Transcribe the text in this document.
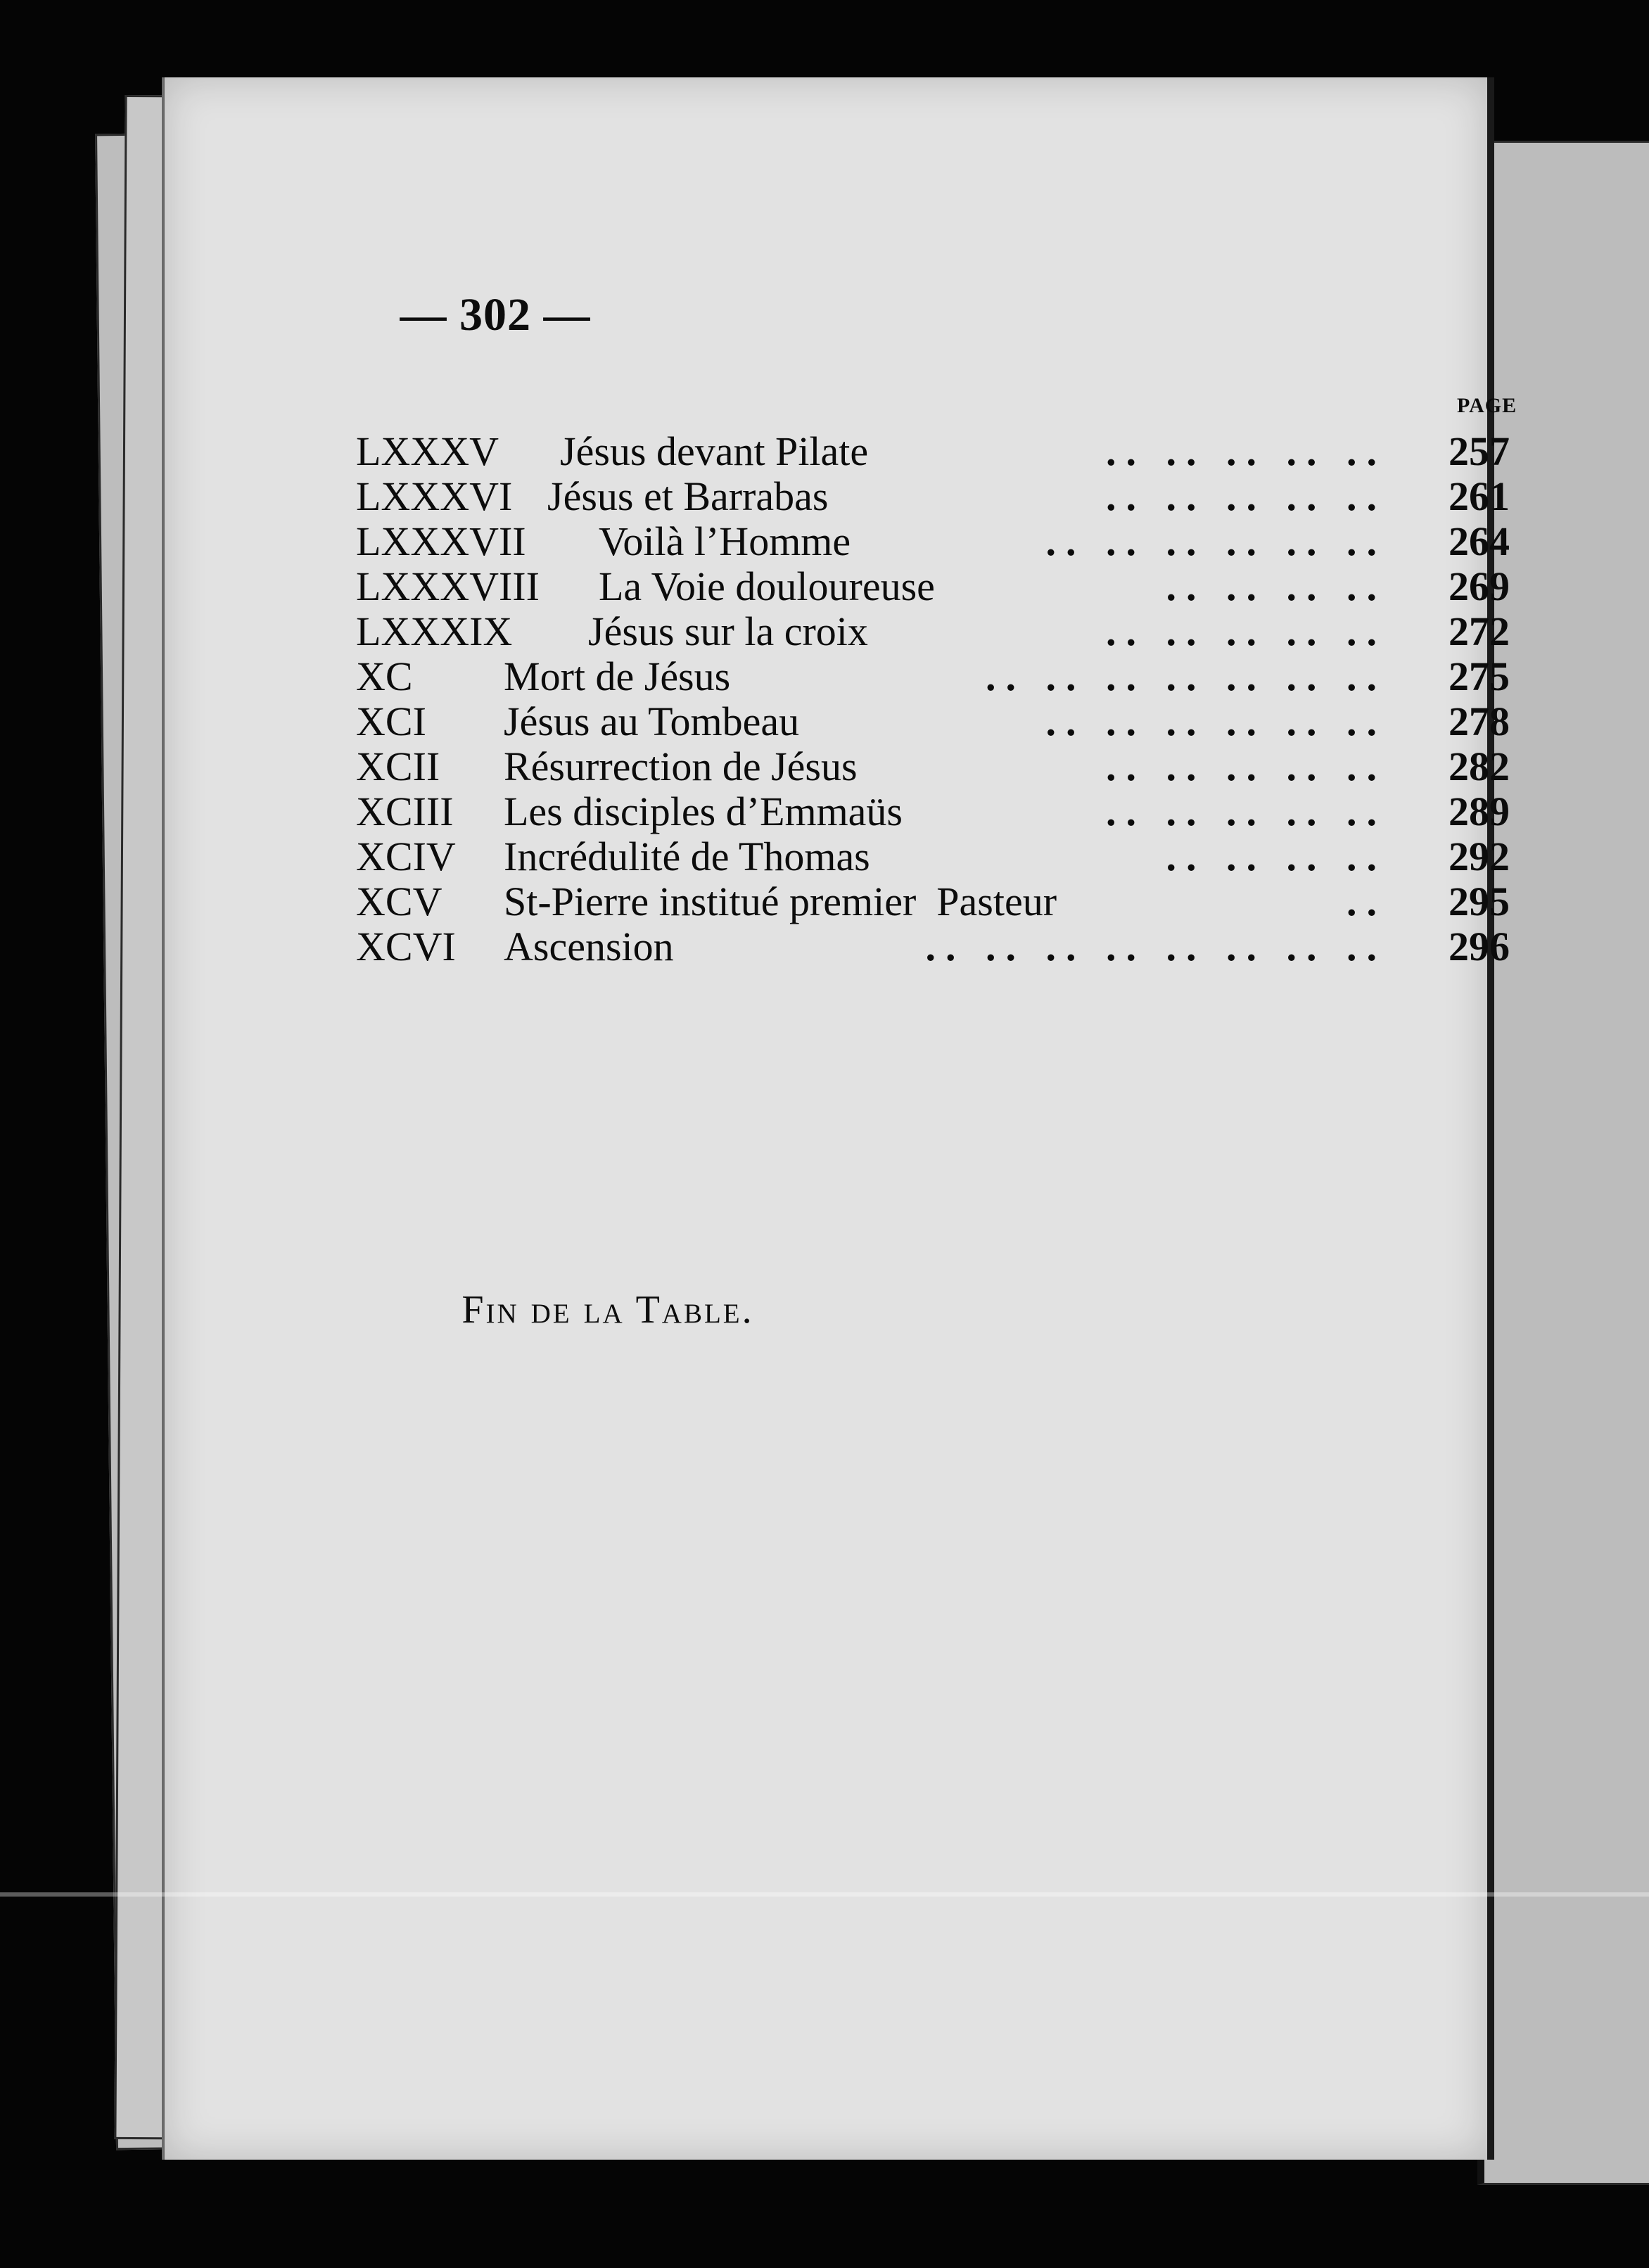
— 302 —
PAGE
LXXXV Jésus devant Pilate	.. .. .. .. ..	257
LXXXVI Jésus et Barrabas	.. .. .. .. ..	261
LXXXVII Voilà l’Homme	.. .. .. .. .. ..	264
LXXXVIII La Voie douloureuse	.. .. .. ..	269
LXXXIX Jésus sur la croix	.. .. .. .. ..	272
XC Mort de Jésus	.. .. .. .. .. .. ..	275
XCI Jésus au Tombeau	.. .. .. .. .. ..	278
XCII Résurrection de Jésus	.. .. .. .. ..	282
XCIII Les disciples d’Emmaüs	.. .. .. .. ..	289
XCIV Incrédulité de Thomas	.. .. .. ..	292
XCV St-Pierre institué premier  Pasteur	..	295
XCVI Ascension	.. .. .. .. .. .. .. ..	296
Fin de la Table.
